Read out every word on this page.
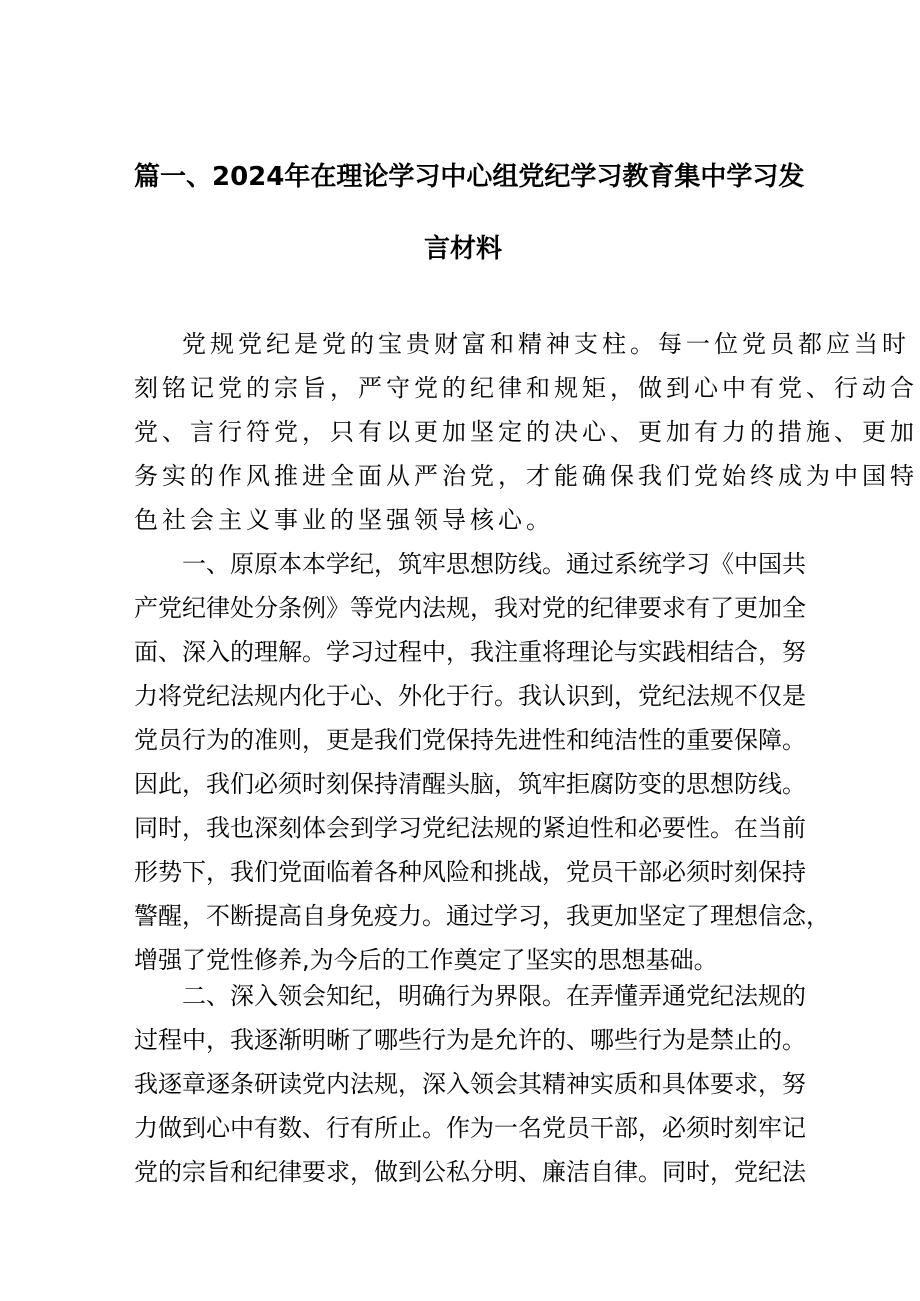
篇一、2024年在理论学习中心组党纪学习教育集中学习发
言材料
党规党纪是党的宝贵财富和精神支柱。每一位党员都应当时
刻铭记党的宗旨，严守党的纪律和规矩，做到心中有党、行动合
党、言行符党，只有以更加坚定的决心、更加有力的措施、更加
务实的作风推进全面从严治党，才能确保我们党始终成为中国特
色社会主义事业的坚强领导核心。
一、原原本本学纪，筑牢思想防线。通过系统学习《中国共
产党纪律处分条例》等党内法规，我对党的纪律要求有了更加全
面、深入的理解。学习过程中，我注重将理论与实践相结合，努
力将党纪法规内化于心、外化于行。我认识到，党纪法规不仅是
党员行为的准则，更是我们党保持先进性和纯洁性的重要保障。
因此，我们必须时刻保持清醒头脑，筑牢拒腐防变的思想防线。
同时，我也深刻体会到学习党纪法规的紧迫性和必要性。在当前
形势下，我们党面临着各种风险和挑战，党员干部必须时刻保持
警醒，不断提高自身免疫力。通过学习，我更加坚定了理想信念，
增强了党性修养,为今后的工作奠定了坚实的思想基础。
二、深入领会知纪，明确行为界限。在弄懂弄通党纪法规的
过程中，我逐渐明晰了哪些行为是允许的、哪些行为是禁止的。
我逐章逐条研读党内法规，深入领会其精神实质和具体要求，努
力做到心中有数、行有所止。作为一名党员干部，必须时刻牢记
党的宗旨和纪律要求，做到公私分明、廉洁自律。同时，党纪法
